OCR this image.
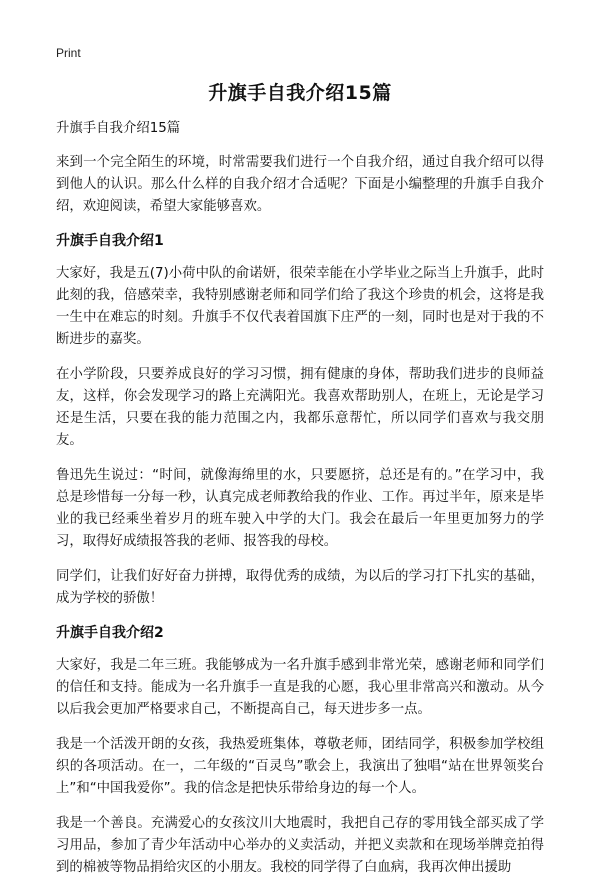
Print
升旗手自我介绍15篇

升旗手自我介绍15篇

来到一个完全陌生的环境，时常需要我们进行一个自我介绍，通过自我介绍可以得到他人的认识。那么什么样的自我介绍才合适呢？下面是小编整理的升旗手自我介绍，欢迎阅读，希望大家能够喜欢。

升旗手自我介绍1

大家好，我是五(7)小荷中队的俞诺妍，很荣幸能在小学毕业之际当上升旗手，此时此刻的我，倍感荣幸，我特别感谢老师和同学们给了我这个珍贵的机会，这将是我一生中在难忘的时刻。升旗手不仅代表着国旗下庄严的一刻，同时也是对于我的不断进步的嘉奖。

在小学阶段，只要养成良好的学习习惯，拥有健康的身体，帮助我们进步的良师益友，这样，你会发现学习的路上充满阳光。我喜欢帮助别人，在班上，无论是学习还是生活，只要在我的能力范围之内，我都乐意帮忙，所以同学们喜欢与我交朋友。

鲁迅先生说过：“时间，就像海绵里的水，只要愿挤，总还是有的。”在学习中，我总是珍惜每一分每一秒，认真完成老师教给我的作业、工作。再过半年，原来是毕业的我已经乘坐着岁月的班车驶入中学的大门。我会在最后一年里更加努力的学习，取得好成绩报答我的老师、报答我的母校。

同学们，让我们好好奋力拼搏，取得优秀的成绩，为以后的学习打下扎实的基础，成为学校的骄傲！

升旗手自我介绍2

大家好，我是二年三班。我能够成为一名升旗手感到非常光荣，感谢老师和同学们的信任和支持。能成为一名升旗手一直是我的心愿，我心里非常高兴和激动。从今以后我会更加严格要求自己，不断提高自己，每天进步多一点。

我是一个活泼开朗的女孩，我热爱班集体，尊敬老师，团结同学，积极参加学校组织的各项活动。在一，二年级的“百灵鸟”歌会上，我演出了独唱“站在世界领奖台上”和“中国我爱你”。我的信念是把快乐带给身边的每一个人。

我是一个善良。充满爱心的女孩汶川大地震时，我把自己存的零用钱全部买成了学习用品，参加了青少年活动中心举办的义卖活动，并把义卖款和在现场举牌竞拍得到的棉被等物品捐给灾区的小朋友。我校的同学得了白血病，我再次伸出援助
